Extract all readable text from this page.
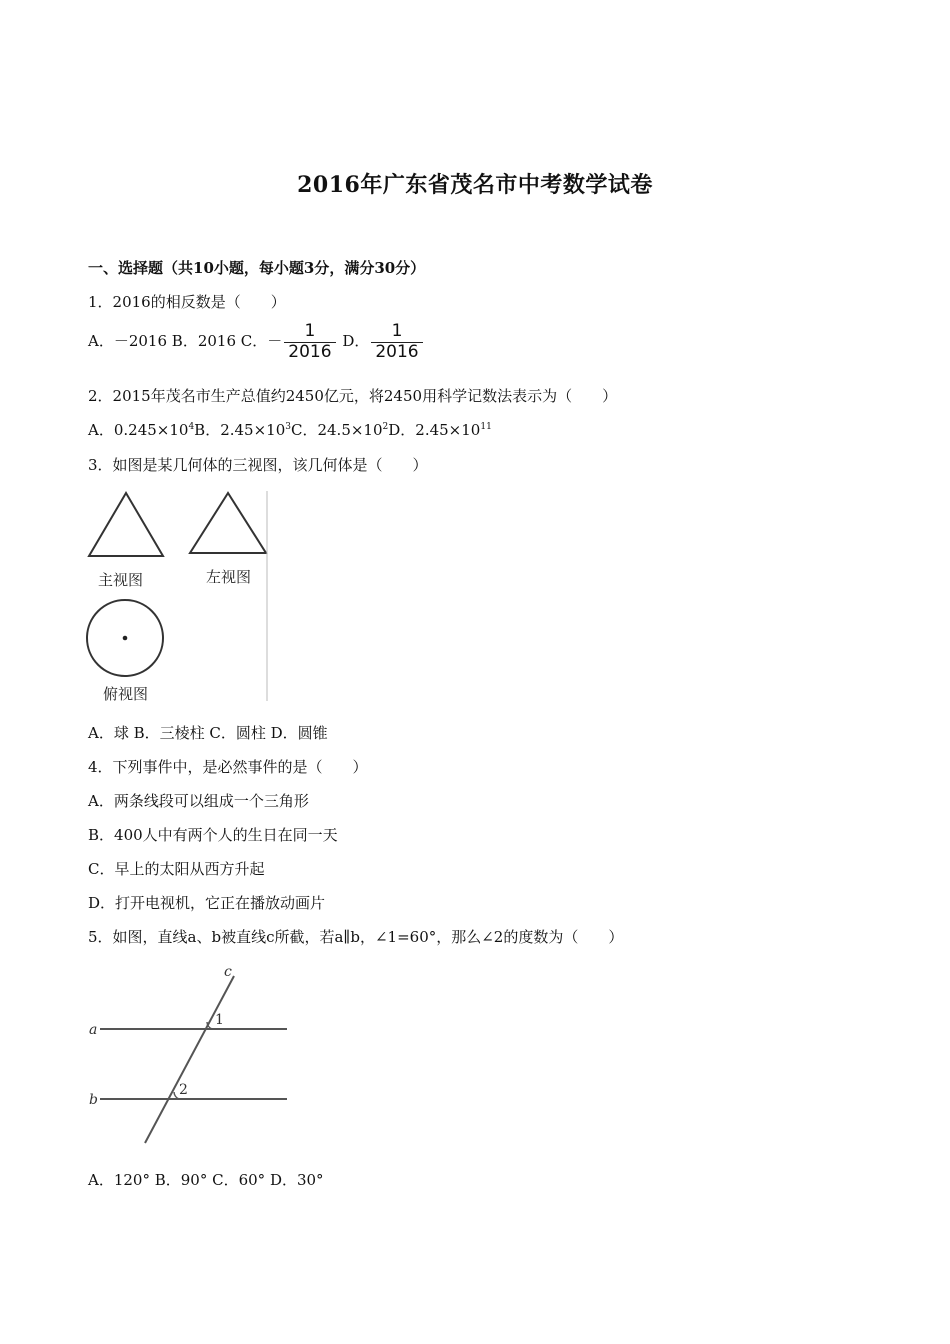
2016年广东省茂名市中考数学试卷
一、选择题（共10小题，每小题3分，满分30分）
1．2016的相反数是（　　）
A．－2016 B．2016 C．－ $\frac{1}{2016}$ D． $\frac{1}{2016}$
2．2015年茂名市生产总值约2450亿元，将2450用科学记数法表示为（　　）
A．$0.245\times 10^4B$．$2.45\times 10^3C$．$24.5\times 10^2D$．$2.45\times 10^{11}$
3．如图是某几何体的三视图，该几何体是（　　）
主视图	左视图
俯视图
A．球 B．三棱柱 C．圆柱 D．圆锥
4．下列事件中，是必然事件的是（　　）
A．两条线段可以组成一个三角形
B．400人中有两个人的生日在同一天
C．早上的太阳从西方升起
D．打开电视机，它正在播放动画片
5．如图，直线a、b被直线c所截，若a∥b，∠1=60°，那么∠2的度数为（　　）
a
b
c
1
2
A．120° B．90° C．60° D．30°
